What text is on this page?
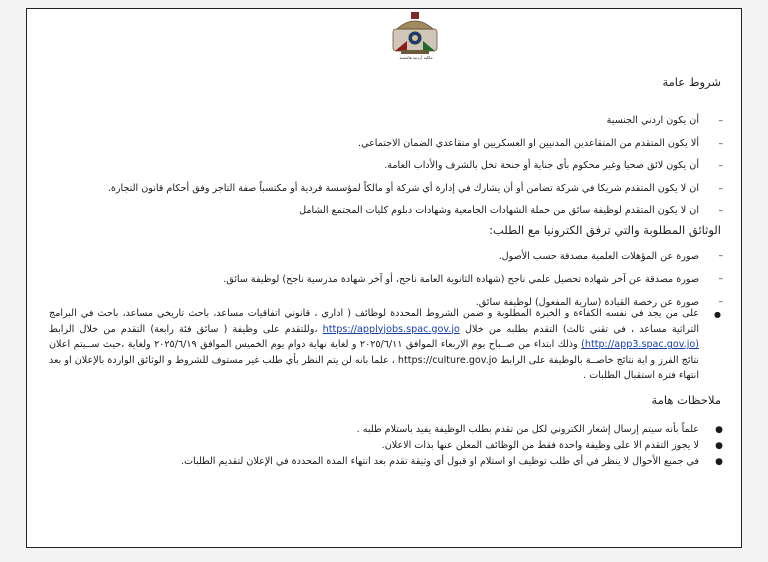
ملكية أردنية هاشمية
شروط عامة
–
أن يكون اردني الجنسية
–
ألا يكون المتقدم من المتقاعدين المدنيين او العسكريين او متقاعدي الضمان الاجتماعي.
–
أن يكون لائق صحيا وغير محكوم بأي جناية أو جنحة تخل بالشرف والأداب العامة.
–
ان لا يكون المتقدم شريكا في شركة تضامن أو أن يشارك في إدارة أي شركة أو مالكاً لمؤسسة فردية أو مكتسباً صفة التاجر وفق أحكام قانون التجارة.
–
ان لا يكون المتقدم لوظيفة سائق من حملة الشهادات الجامعية وشهادات دبلوم كليات المجتمع الشامل
الوثائق المطلوبة والتي ترفق الكترونيا مع الطلب:
–
صورة عن المؤهلات العلمية مصدقة حسب الأصول.
–
صورة مصدقة عن آخر شهادة تحصيل علمي ناجح (شهادة الثانوية العامة ناجح، أو آخر شهادة مدرسية ناجح) لوظيفة سائق.
–
صورة عن رخصة القيادة (سارية المفعول) لوظيفة سائق.

●
على من يجد في نفسه الكفاءة و الخبرة المطلوبة و ضمن الشروط المحددة لوظائف ( اداري ، قانوني اتفاقيات مساعد، باحث تاريخي مساعد، باحث في البرامج التراثية مساعد ، في تقني ثالث) التقدم بطلبه من خلال https://applyjobs.spac.gov.jo ،وللتقدم على وظيفة ( سائق فئة رابعة) التقدم من خلال الرابط (http://app3.spac.gov.jo) وذلك ابتداء من صــباح يوم الاربعاء الموافق ٢٠٢٥/٦/١١ و لغاية نهاية دوام يوم الخميس الموافق ٢٠٢٥/٦/١٩ ولغاية ،حيث ســيتم اعلان نتائج الفرز و اية نتائج خاصــة بالوظيفة على الرابط https://culture.gov.jo ، علما بانه لن يتم النظر بأي طلب غير مستوف للشروط و الوثائق الواردة بالإعلان او بعد انتهاء فترة استقبال الطلبات .

ملاحظات هامة
●
علماً بأنه سيتم إرسال إشعار الكتروني لكل من تقدم بطلب الوظيفة يفيد باستلام طلبه .
●
لا يجوز التقدم الا على وظيفة واحدة فقط من الوظائف المعلن عنها بذات الاعلان.
●
في جميع الأحوال لا ينظر في أي طلب توظيف او استلام او قبول أي وثيقة تقدم بعد انتهاء المدة المحددة في الإعلان لتقديم الطلبات.
